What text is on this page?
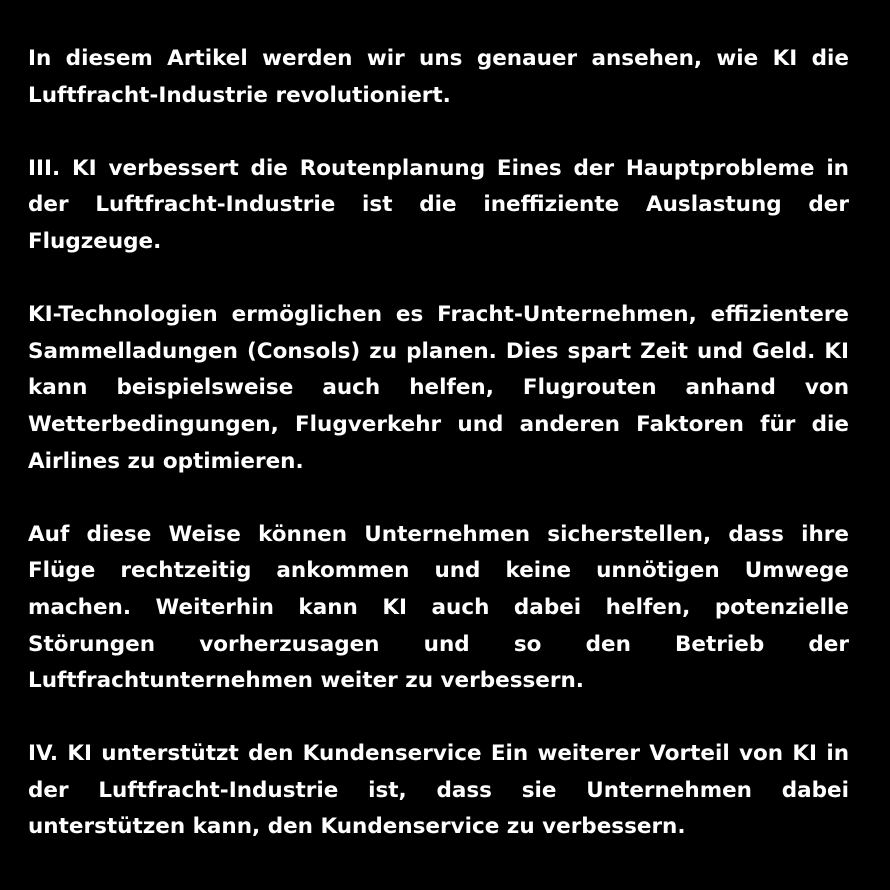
In diesem Artikel werden wir uns genauer ansehen, wie KI die Luftfracht-Industrie revolutioniert.

III. KI verbessert die Routenplanung Eines der Hauptprobleme in der Luftfracht-Industrie ist die ineffiziente Auslastung der Flugzeuge.

KI-Technologien ermöglichen es Fracht-Unternehmen, effizientere Sammelladungen (Consols) zu planen. Dies spart Zeit und Geld. KI kann beispielsweise auch helfen, Flugrouten anhand von Wetterbedingungen, Flugverkehr und anderen Faktoren für die Airlines zu optimieren.

Auf diese Weise können Unternehmen sicherstellen, dass ihre Flüge rechtzeitig ankommen und keine unnötigen Umwege machen. Weiterhin kann KI auch dabei helfen, potenzielle Störungen vorherzusagen und so den Betrieb der Luftfrachtunternehmen weiter zu verbessern.

IV. KI unterstützt den Kundenservice Ein weiterer Vorteil von KI in der Luftfracht-Industrie ist, dass sie Unternehmen dabei unterstützen kann, den Kundenservice zu verbessern.
